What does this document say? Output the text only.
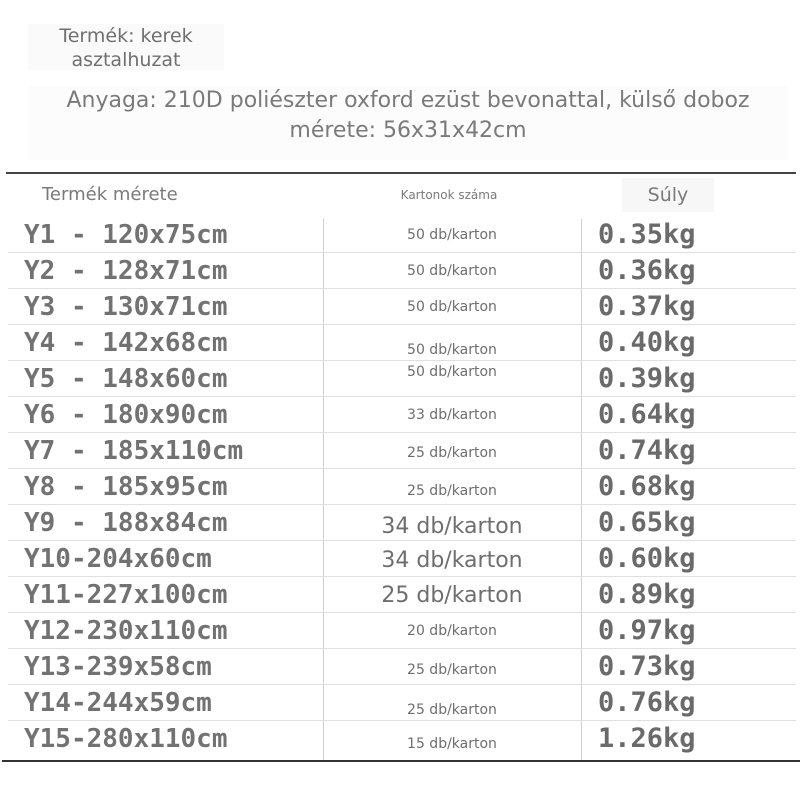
Termék: kerek
asztalhuzat
Anyaga: 210D poliészter oxford ezüst bevonattal, külső doboz
mérete: 56x31x42cm
Termék mérete	Kartonok száma	Súly
Y1 - 120x75cm	50 db/karton	0.35kg
Y2 - 128x71cm	50 db/karton	0.36kg
Y3 - 130x71cm	50 db/karton	0.37kg
Y4 - 142x68cm	50 db/karton	0.40kg
Y5 - 148x60cm	50 db/karton	0.39kg
Y6 - 180x90cm	33 db/karton	0.64kg
Y7 - 185x110cm	25 db/karton	0.74kg
Y8 - 185x95cm	25 db/karton	0.68kg
Y9 - 188x84cm	34 db/karton	0.65kg
Y10-204x60cm	34 db/karton	0.60kg
Y11-227x100cm	25 db/karton	0.89kg
Y12-230x110cm	20 db/karton	0.97kg
Y13-239x58cm	25 db/karton	0.73kg
Y14-244x59cm	25 db/karton	0.76kg
Y15-280x110cm	15 db/karton	1.26kg
